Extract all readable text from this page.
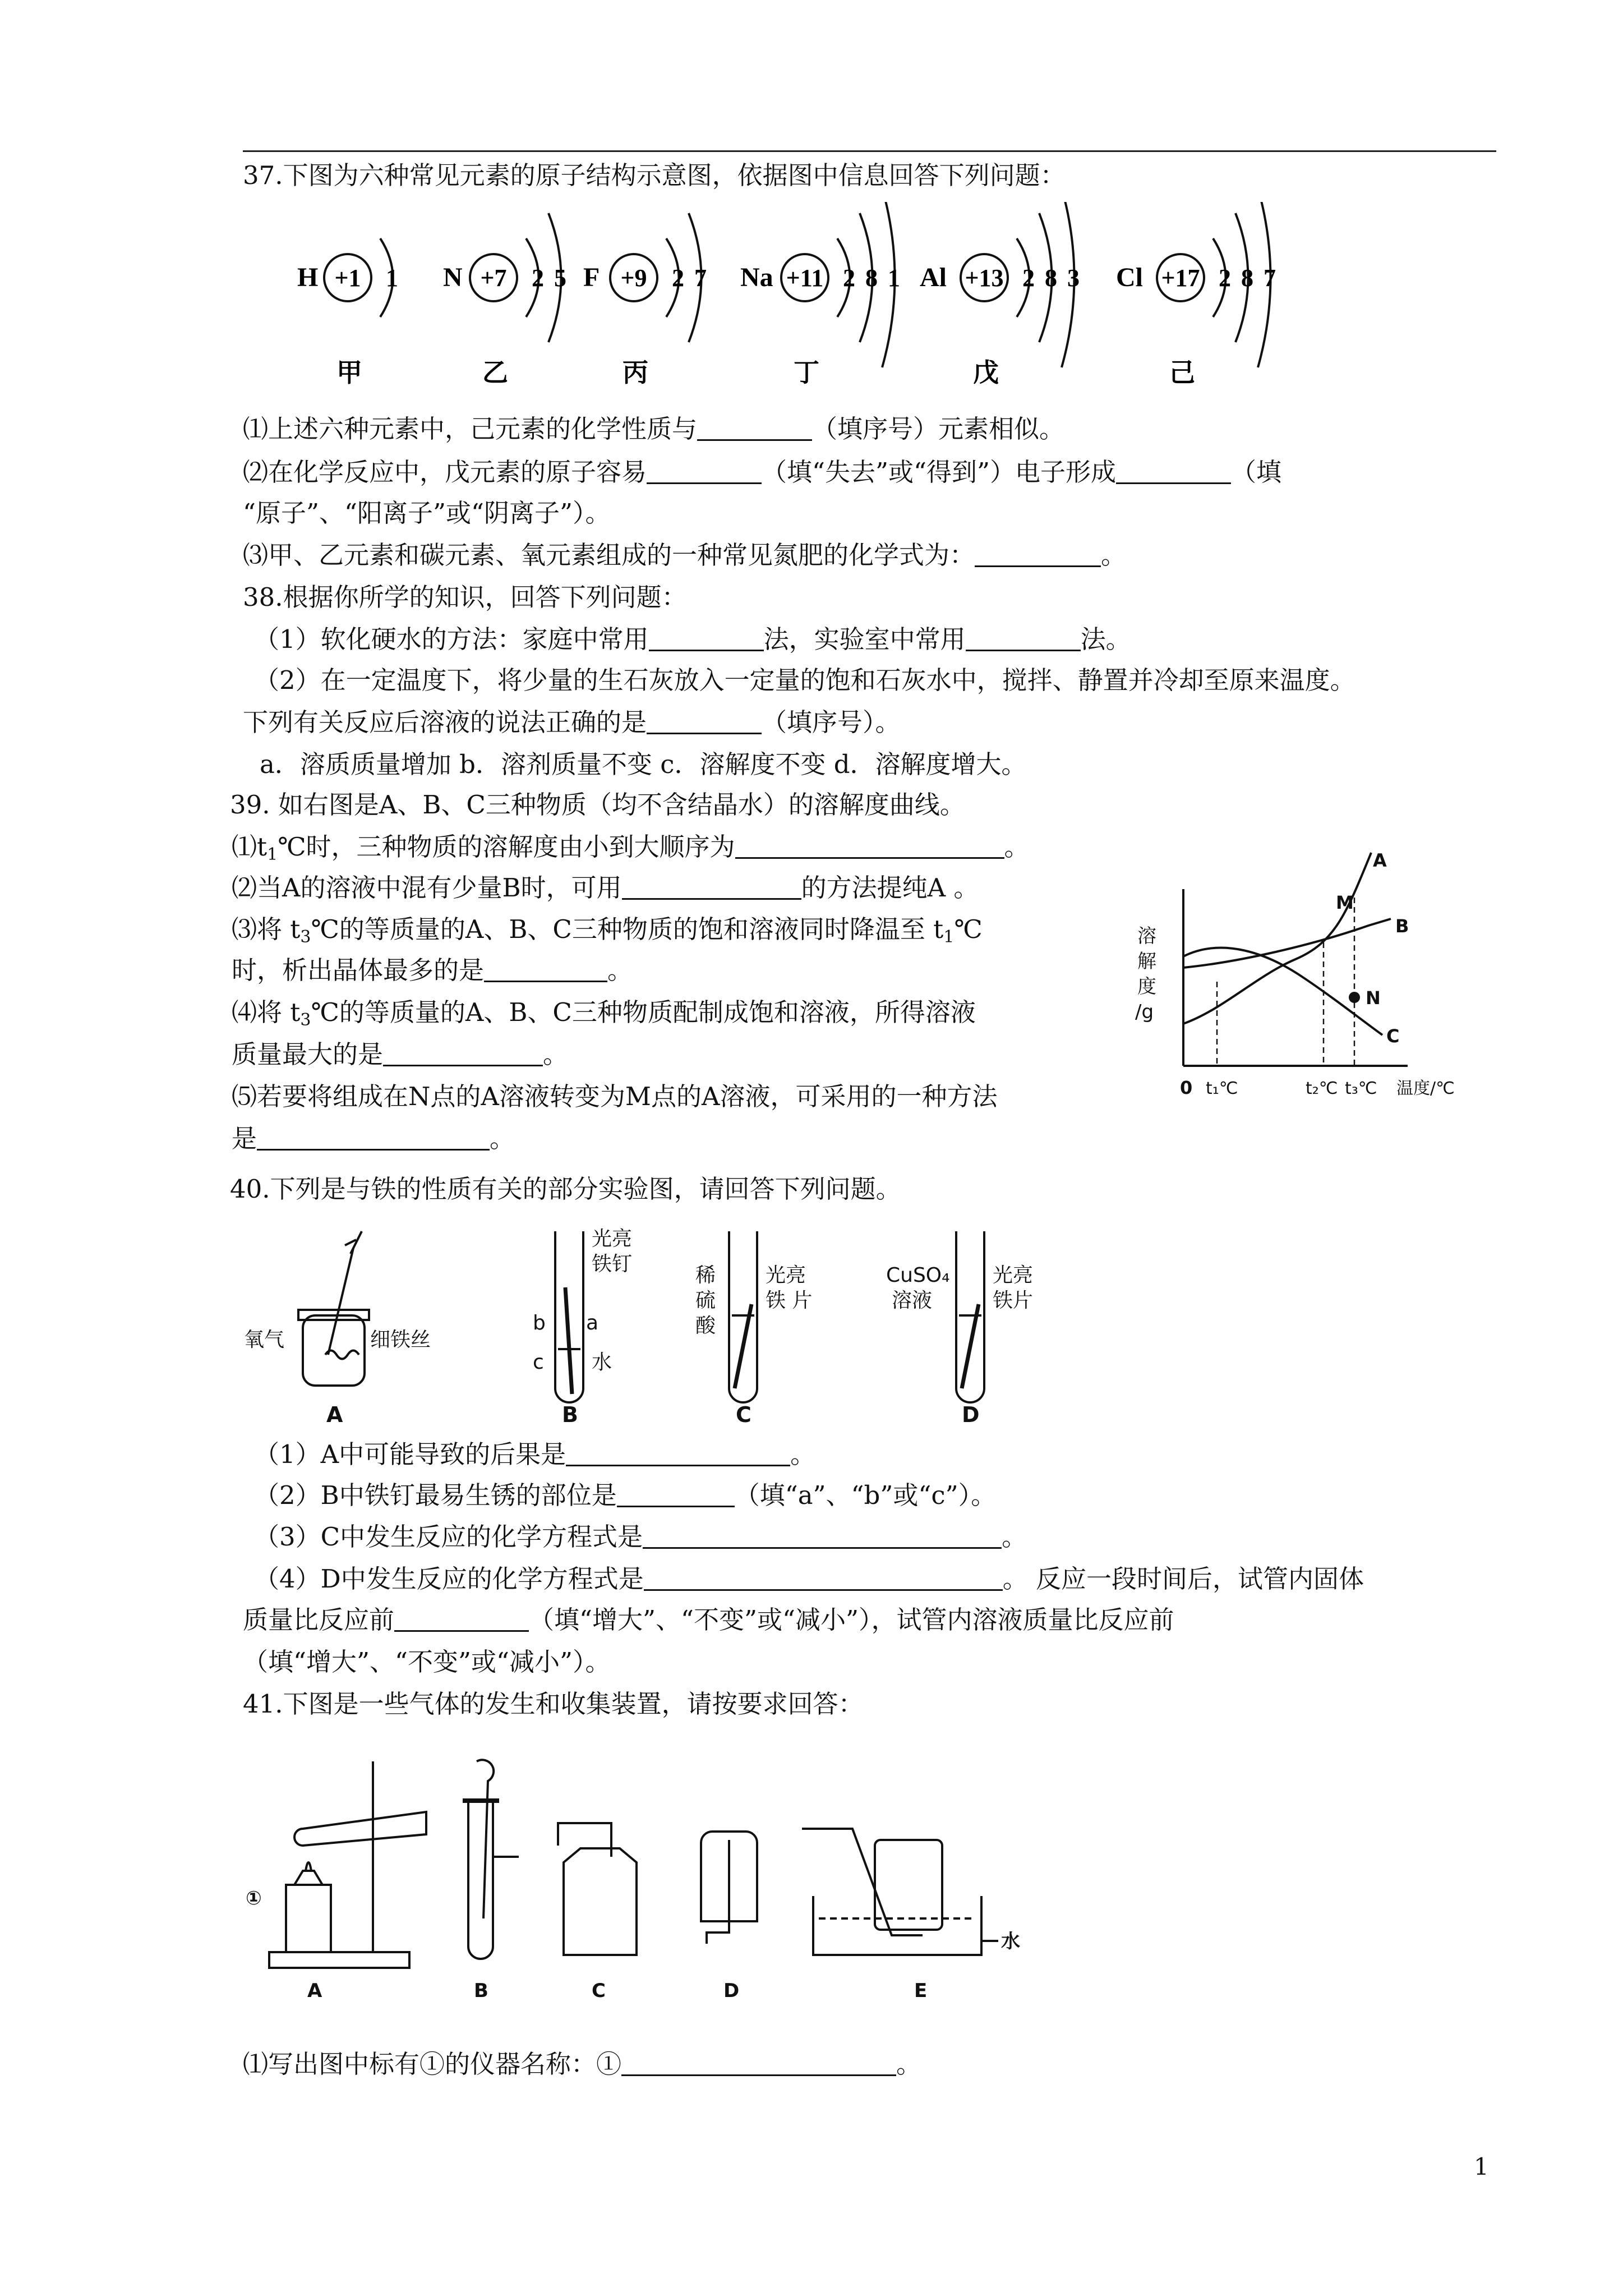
37.下图为六种常见元素的原子结构示意图，依据图中信息回答下列问题：
H +1 1
甲
N +7 2 5
乙
F +9 2 7
丙
Na +11 2 8 1
丁
Al +13 2 8 3
戊
Cl +17 2 8 7
己
⑴上述六种元素中，己元素的化学性质与	（填序号）元素相似。
⑵在化学反应中，戊元素的原子容易	（填“失去”或“得到”）电子形成	（填
“原子”、“阳离子”或“阴离子”）。
⑶甲、乙元素和碳元素、氧元素组成的一种常见氮肥的化学式为：	。
38.根据你所学的知识，回答下列问题：
（1）软化硬水的方法：家庭中常用	法，实验室中常用	法。
（2）在一定温度下，将少量的生石灰放入一定量的饱和石灰水中，搅拌、静置并冷却至原来温度。
下列有关反应后溶液的说法正确的是	（填序号）。
a．溶质质量增加 b．溶剂质量不变 c．溶解度不变 d．溶解度增大。
39. 如右图是A、B、C三种物质（均不含结晶水）的溶解度曲线。
$⑴t_1℃$时，三种物质的溶解度由小到大顺序为	。
⑵当A的溶液中混有少量B时，可用	的方法提纯A 。
⑶将 $t_3℃$的等质量的A、B、C三种物质的饱和溶液同时降温至 $t_1℃$
时，析出晶体最多的是	。
⑷将 $t_3℃$的等质量的A、B、C三种物质配制成饱和溶液，所得溶液
质量最大的是	。
⑸若要将组成在N点的A溶液转变为M点的A溶液，可采用的一种方法
是	。
溶
解
度
/g
A
B
C
M
N
0 t₁℃	t₂℃ t₃℃ 温度/℃
40.下列是与铁的性质有关的部分实验图，请回答下列问题。
氧气	细铁丝
光亮
铁钉
b a
c 水
稀
硫
酸
光亮
铁 片
CuSO₄
溶液
光亮
铁片
A	B	C	D
（1）A中可能导致的后果是	。
（2）B中铁钉最易生锈的部位是	（填“a”、“b”或“c”）。
（3）C中发生反应的化学方程式是	。
（4）D中发生反应的化学方程式是	。 反应一段时间后，试管内固体
质量比反应前	（填“增大”、“不变”或“减小”），试管内溶液质量比反应前
（填“增大”、“不变”或“减小”）。
41.下图是一些气体的发生和收集装置，请按要求回答：
①
A	B	C	D	E
水
⑴写出图中标有①的仪器名称：①	。
1
